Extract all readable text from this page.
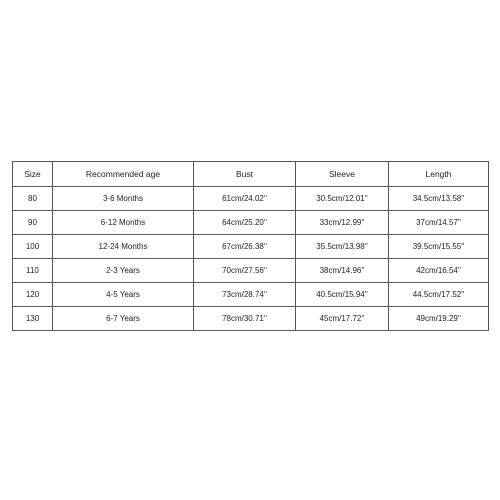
Size	Recommended age	Bust	Sleeve	Length
80	3-6 Months	61cm/24.02''	30.5cm/12.01''	34.5cm/13.58''
90	6-12 Months	64cm/25.20''	33cm/12.99''	37cm/14.57''
100	12-24 Months	67cm/26.38''	35.5cm/13.98''	39.5cm/15.55''
110	2-3 Years	70cm/27.56''	38cm/14.96''	42cm/16.54''
120	4-5 Years	73cm/28.74''	40.5cm/15.94''	44.5cm/17.52''
130	6-7 Years	78cm/30.71''	45cm/17.72''	49cm/19.29''
